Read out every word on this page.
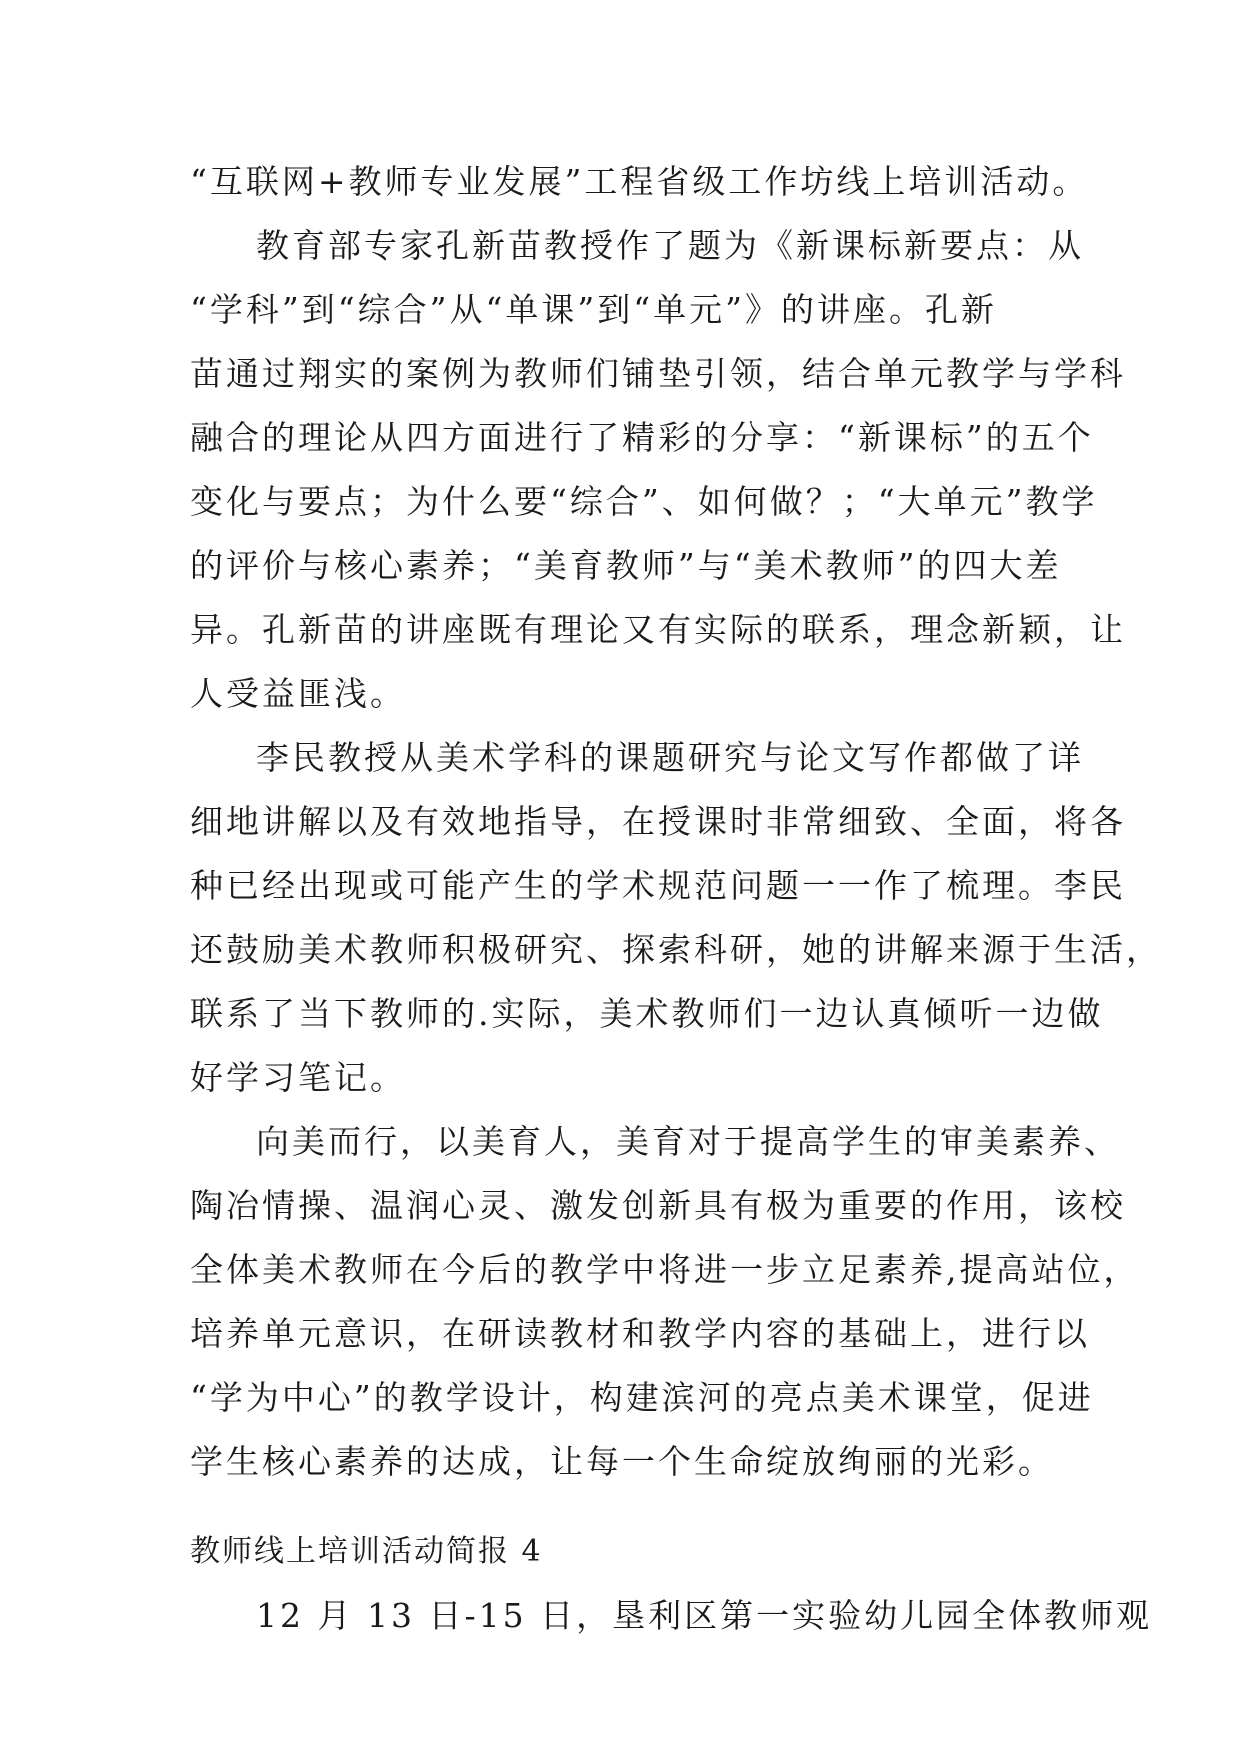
“互联网+教师专业发展”工程省级工作坊线上培训活动。
教育部专家孔新苗教授作了题为《新课标新要点：从
“学科”到“综合”从“单课”到“单元”》的讲座。孔新
苗通过翔实的案例为教师们铺垫引领，结合单元教学与学科
融合的理论从四方面进行了精彩的分享：“新课标”的五个
变化与要点；为什么要“综合”、如何做？；“大单元”教学
的评价与核心素养；“美育教师”与“美术教师”的四大差
异。孔新苗的讲座既有理论又有实际的联系，理念新颖，让
人受益匪浅。
李民教授从美术学科的课题研究与论文写作都做了详
细地讲解以及有效地指导，在授课时非常细致、全面，将各
种已经出现或可能产生的学术规范问题一一作了梳理。李民
还鼓励美术教师积极研究、探索科研，她的讲解来源于生活，
联系了当下教师的.实际，美术教师们一边认真倾听一边做
好学习笔记。
向美而行，以美育人，美育对于提高学生的审美素养、
陶冶情操、温润心灵、激发创新具有极为重要的作用，该校
全体美术教师在今后的教学中将进一步立足素养,提高站位，
培养单元意识，在研读教材和教学内容的基础上，进行以
“学为中心”的教学设计，构建滨河的亮点美术课堂，促进
学生核心素养的达成，让每一个生命绽放绚丽的光彩。
教师线上培训活动简报 4
12 月 13 日-15 日，垦利区第一实验幼儿园全体教师观
